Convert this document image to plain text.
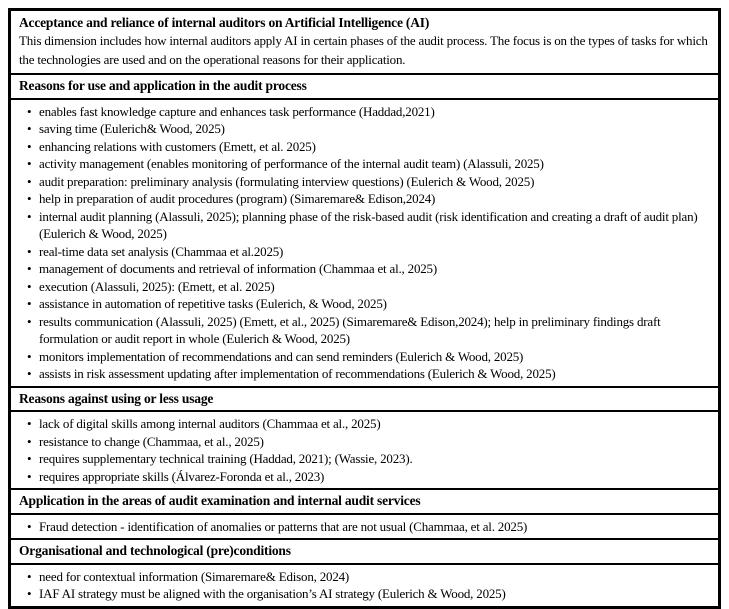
Acceptance and reliance of internal auditors on Artificial Intelligence (AI)
This dimension includes how internal auditors apply AI in certain phases of the audit process. The focus is on the types of tasks for which the technologies are used and on the operational reasons for their application.
Reasons for use and application in the audit process
• enables fast knowledge capture and enhances task performance (Haddad,2021)
• saving time (Eulerich& Wood, 2025)
• enhancing relations with customers (Emett, et al. 2025)
• activity management (enables monitoring of performance of the internal audit team) (Alassuli, 2025)
• audit preparation: preliminary analysis (formulating interview questions) (Eulerich & Wood, 2025)
• help in preparation of audit procedures (program) (Simaremare& Edison,2024)
• internal audit planning (Alassuli, 2025); planning phase of the risk-based audit (risk identification and creating a draft of audit plan) (Eulerich & Wood, 2025)
• real-time data set analysis (Chammaa et al.2025)
• management of documents and retrieval of information (Chammaa et al., 2025)
• execution (Alassuli, 2025): (Emett, et al. 2025)
• assistance in automation of repetitive tasks (Eulerich, & Wood, 2025)
• results communication (Alassuli, 2025) (Emett, et al., 2025) (Simaremare& Edison,2024); help in preliminary findings draft formulation or audit report in whole (Eulerich & Wood, 2025)
• monitors implementation of recommendations and can send reminders (Eulerich & Wood, 2025)
• assists in risk assessment updating after implementation of recommendations (Eulerich & Wood, 2025)
Reasons against using or less usage
• lack of digital skills among internal auditors (Chammaa et al., 2025)
• resistance to change (Chammaa, et al., 2025)
• requires supplementary technical training (Haddad, 2021); (Wassie, 2023).
• requires appropriate skills (Álvarez-Foronda et al., 2023)
Application in the areas of audit examination and internal audit services
• Fraud detection - identification of anomalies or patterns that are not usual (Chammaa, et al. 2025)
Organisational and technological (pre)conditions
• need for contextual information (Simaremare& Edison, 2024)
• IAF AI strategy must be aligned with the organisation’s AI strategy (Eulerich & Wood, 2025)
